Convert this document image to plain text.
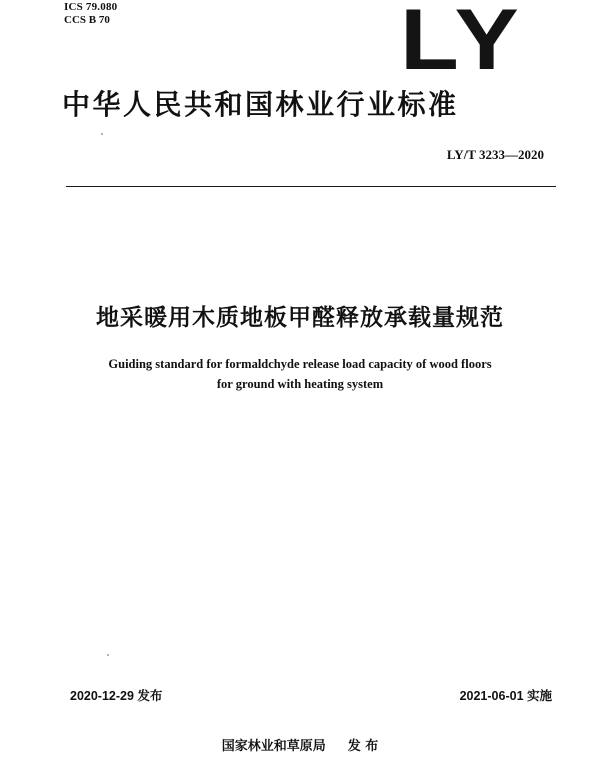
ICS 79.080
CCS B 70	LY
中华人民共和国林业行业标准
LY/T 3233—2020
地采暖用木质地板甲醛释放承载量规范
Guiding standard for formaldchyde release load capacity of wood floors
for ground with heating system
2020-12-29 发布	2021-06-01 实施
国家林业和草原局 发 布
